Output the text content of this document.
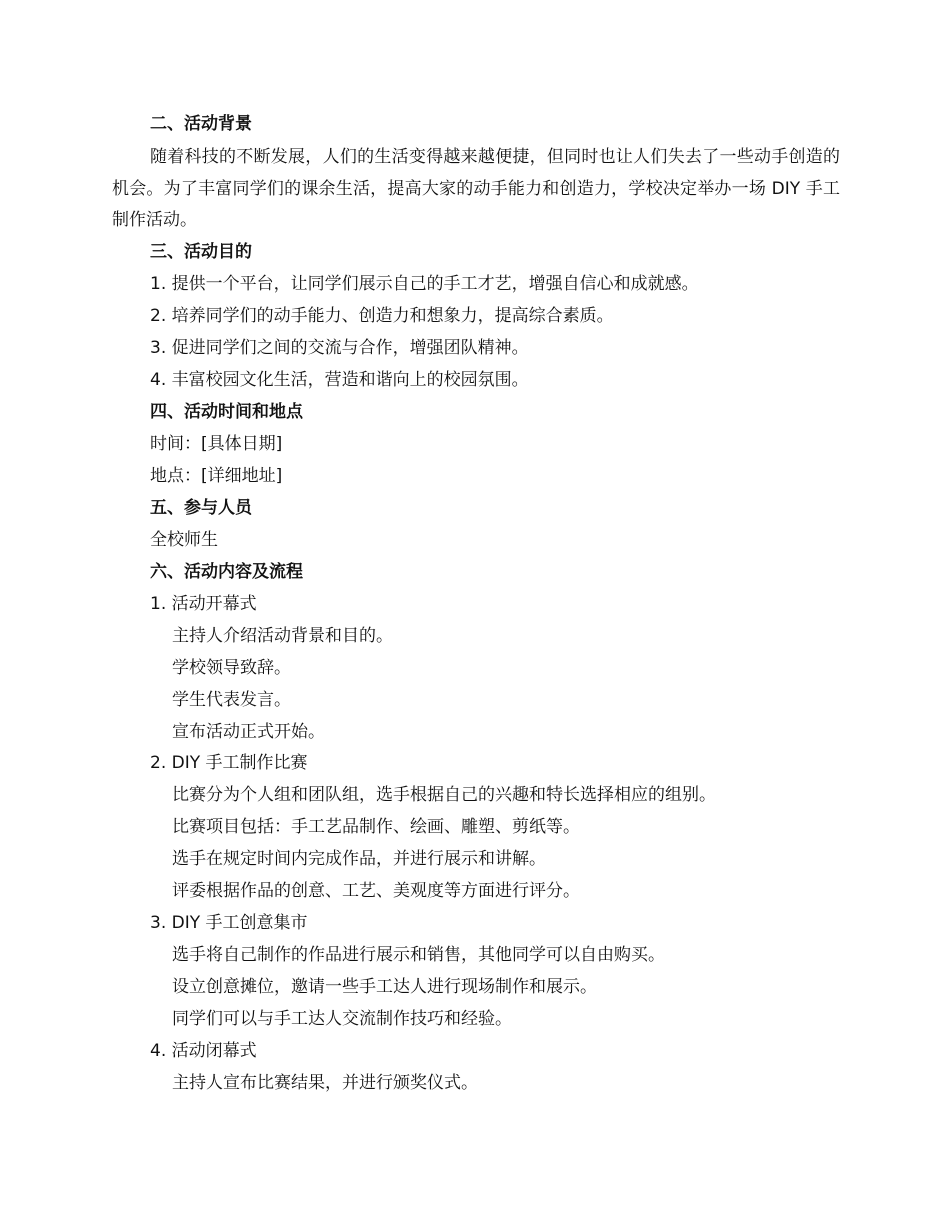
二、活动背景
随着科技的不断发展，人们的生活变得越来越便捷，但同时也让人们失去了一些动手创造的机会。为了丰富同学们的课余生活，提高大家的动手能力和创造力，学校决定举办一场 DIY 手工制作活动。
三、活动目的
1. 提供一个平台，让同学们展示自己的手工才艺，增强自信心和成就感。
2. 培养同学们的动手能力、创造力和想象力，提高综合素质。
3. 促进同学们之间的交流与合作，增强团队精神。
4. 丰富校园文化生活，营造和谐向上的校园氛围。
四、活动时间和地点
时间：[具体日期]
地点：[详细地址]
五、参与人员
全校师生
六、活动内容及流程
1. 活动开幕式
主持人介绍活动背景和目的。
学校领导致辞。
学生代表发言。
宣布活动正式开始。
2. DIY 手工制作比赛
比赛分为个人组和团队组，选手根据自己的兴趣和特长选择相应的组别。
比赛项目包括：手工艺品制作、绘画、雕塑、剪纸等。
选手在规定时间内完成作品，并进行展示和讲解。
评委根据作品的创意、工艺、美观度等方面进行评分。
3. DIY 手工创意集市
选手将自己制作的作品进行展示和销售，其他同学可以自由购买。
设立创意摊位，邀请一些手工达人进行现场制作和展示。
同学们可以与手工达人交流制作技巧和经验。
4. 活动闭幕式
主持人宣布比赛结果，并进行颁奖仪式。
